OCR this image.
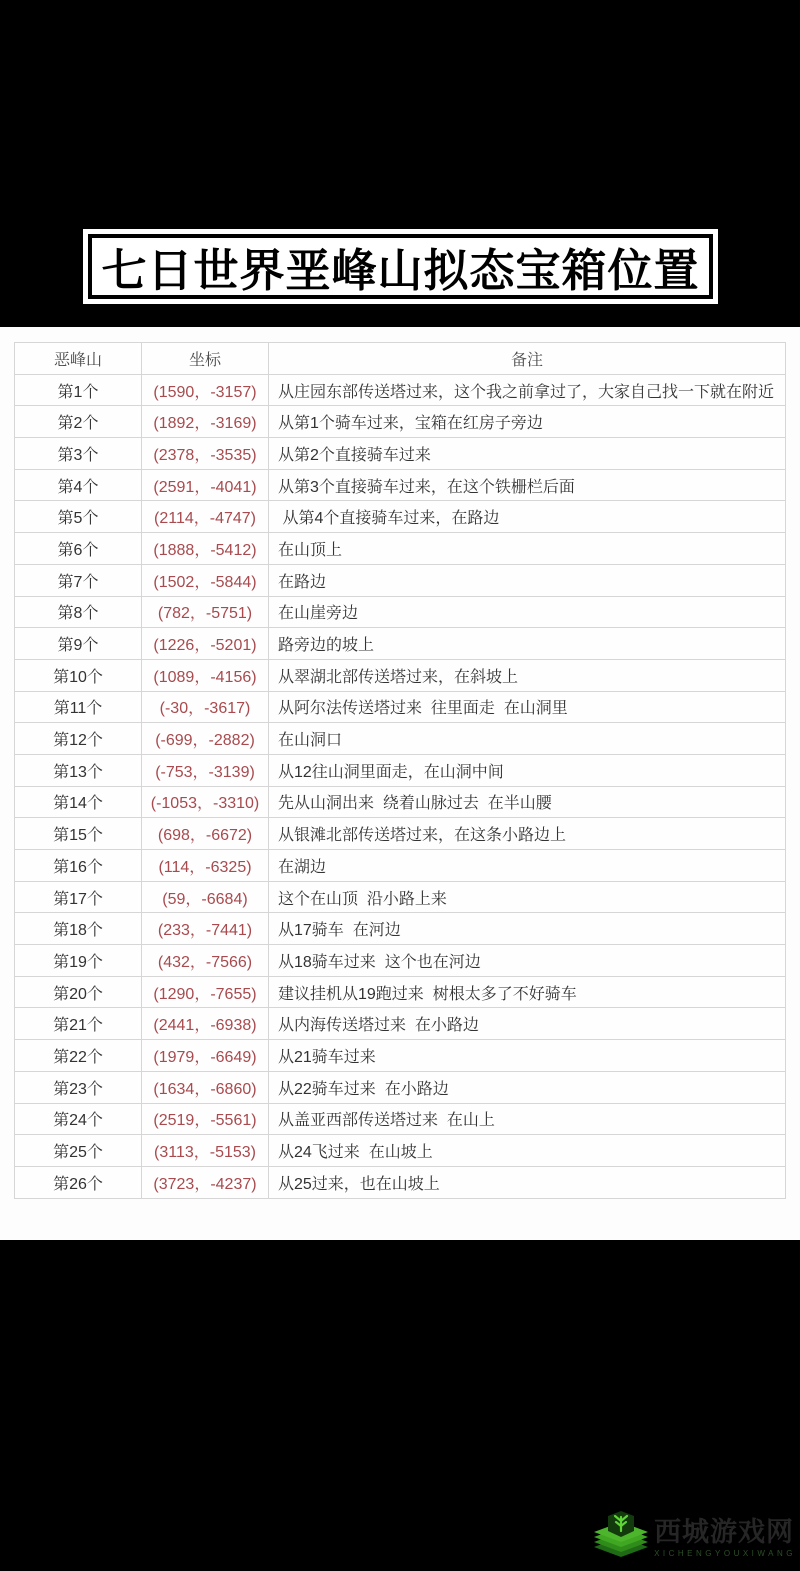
七日世界垩峰山拟态宝箱位置
恶峰山	坐标	备注
第1个	(1590，-3157)	从庄园东部传送塔过来，这个我之前拿过了，大家自己找一下就在附近
第2个	(1892，-3169)	从第1个骑车过来，宝箱在红房子旁边
第3个	(2378，-3535)	从第2个直接骑车过来
第4个	(2591，-4041)	从第3个直接骑车过来，在这个铁栅栏后面
第5个	(2114，-4747)	从第4个直接骑车过来，在路边
第6个	(1888，-5412)	在山顶上
第7个	(1502，-5844)	在路边
第8个	(782，-5751)	在山崖旁边
第9个	(1226，-5201)	路旁边的坡上
第10个	(1089，-4156)	从翠湖北部传送塔过来，在斜坡上
第11个	(-30，-3617)	从阿尔法传送塔过来  往里面走  在山洞里
第12个	(-699，-2882)	在山洞口
第13个	(-753，-3139)	从12往山洞里面走，在山洞中间
第14个	(-1053，-3310)	先从山洞出来  绕着山脉过去  在半山腰
第15个	(698，-6672)	从银滩北部传送塔过来，在这条小路边上
第16个	(114，-6325)	在湖边
第17个	(59，-6684)	这个在山顶  沿小路上来
第18个	(233，-7441)	从17骑车  在河边
第19个	(432，-7566)	从18骑车过来  这个也在河边
第20个	(1290，-7655)	建议挂机从19跑过来  树根太多了不好骑车
第21个	(2441，-6938)	从内海传送塔过来  在小路边
第22个	(1979，-6649)	从21骑车过来
第23个	(1634，-6860)	从22骑车过来  在小路边
第24个	(2519，-5561)	从盖亚西部传送塔过来  在山上
第25个	(3113，-5153)	从24飞过来  在山坡上
第26个	(3723，-4237)	从25过来，也在山坡上
西城游戏网
XICHENGYOUXIWANG
